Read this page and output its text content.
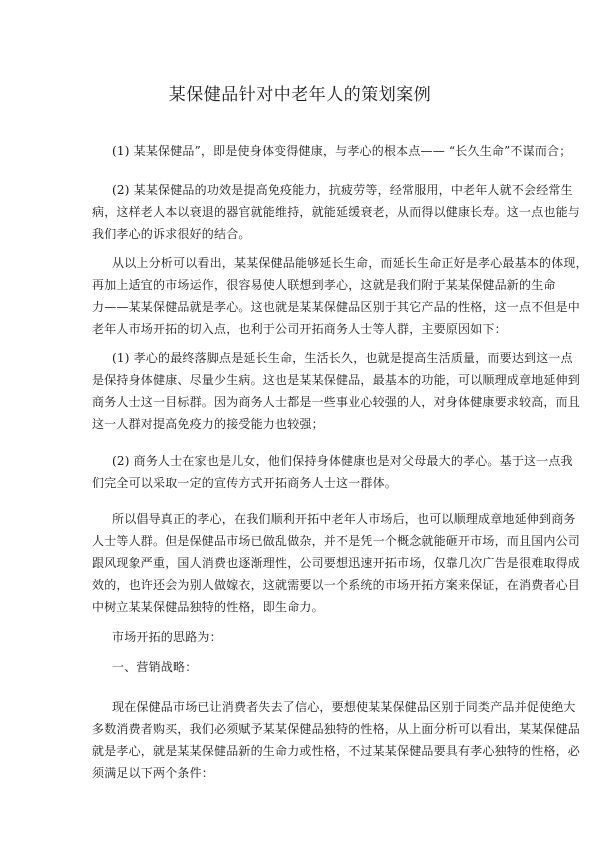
某保健品针对中老年人的策划案例

(1) 某某保健品”，即是使身体变得健康，与孝心的根本点—— “长久生命”不谋而合；

(2) 某某保健品的功效是提高免疫能力，抗疲劳等，经常服用，中老年人就不会经常生
病，这样老人本以衰退的器官就能维持，就能延缓衰老，从而得以健康长寿。这一点也能与
我们孝心的诉求很好的结合。

从以上分析可以看出，某某保健品能够延长生命，而延长生命正好是孝心最基本的体现，
再加上适宜的市场运作，很容易使人联想到孝心，这就是我们附于某某保健品新的生命
力——某某保健品就是孝心。这也就是某某保健品区别于其它产品的性格，这一点不但是中
老年人市场开拓的切入点，也利于公司开拓商务人士等人群，主要原因如下：

(1) 孝心的最终落脚点是延长生命，生活长久，也就是提高生活质量，而要达到这一点
是保持身体健康、尽量少生病。这也是某某保健品，最基本的功能，可以顺理成章地延伸到
商务人士这一目标群。因为商务人士都是一些事业心较强的人，对身体健康要求较高，而且
这一人群对提高免疫力的接受能力也较强；

(2) 商务人士在家也是儿女，他们保持身体健康也是对父母最大的孝心。基于这一点我
们完全可以采取一定的宣传方式开拓商务人士这一群体。

所以倡导真正的孝心，在我们顺利开拓中老年人市场后，也可以顺理成章地延伸到商务
人士等人群。但是保健品市场已做乱做杂，并不是凭一个概念就能砸开市场，而且国内公司
跟风现象严重，国人消费也逐渐理性，公司要想迅速开拓市场，仅靠几次广告是很难取得成
效的，也许还会为别人做嫁衣，这就需要以一个系统的市场开拓方案来保证，在消费者心目
中树立某某保健品独特的性格，即生命力。

市场开拓的思路为：

一、营销战略：

现在保健品市场已让消费者失去了信心，要想使某某保健品区别于同类产品并促使绝大
多数消费者购买，我们必须赋予某某保健品独特的性格，从上面分析可以看出，某某保健品
就是孝心，就是某某保健品新的生命力或性格，不过某某保健品要具有孝心独特的性格，必
须满足以下两个条件：
